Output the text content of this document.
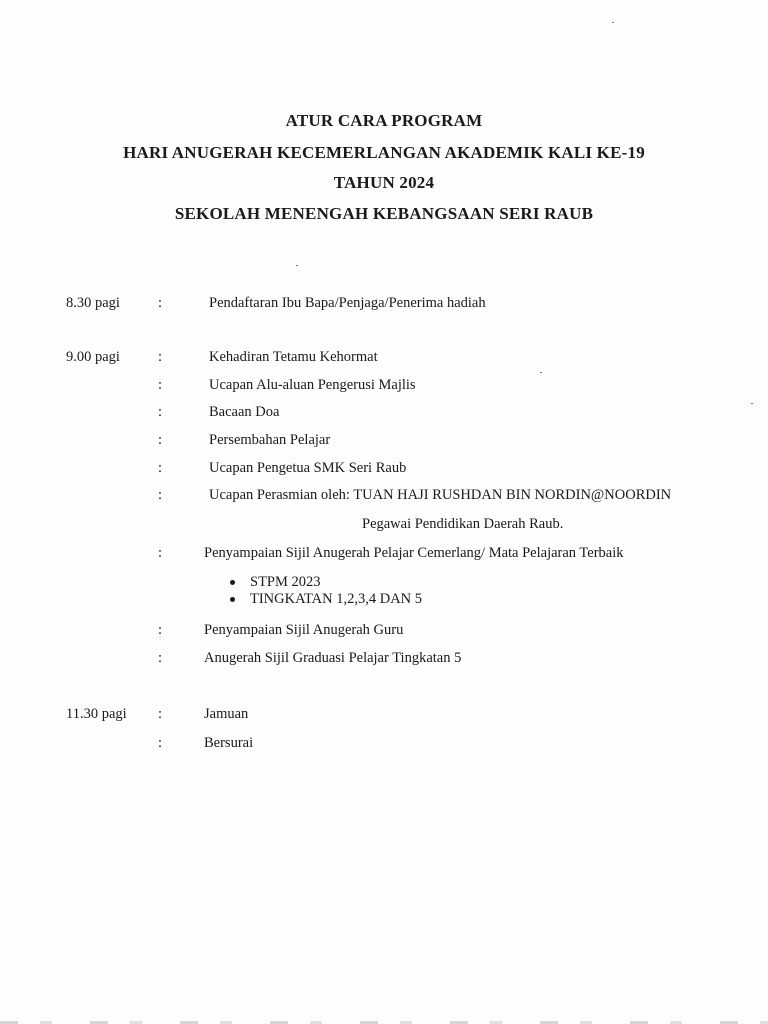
ATUR CARA PROGRAM
HARI ANUGERAH KECEMERLANGAN AKADEMIK KALI KE-19
TAHUN 2024
SEKOLAH MENENGAH KEBANGSAAN SERI RAUB
8.30 pagi	:	Pendaftaran Ibu Bapa/Penjaga/Penerima hadiah
9.00 pagi	:	Kehadiran Tetamu Kehormat
:	Ucapan Alu-aluan Pengerusi Majlis
:	Bacaan Doa
:	Persembahan Pelajar
:	Ucapan Pengetua SMK Seri Raub
:	Ucapan Perasmian oleh: TUAN HAJI RUSHDAN BIN NORDIN@NOORDIN
Pegawai Pendidikan Daerah Raub.
:	Penyampaian Sijil Anugerah Pelajar Cemerlang/ Mata Pelajaran Terbaik
STPM 2023
TINGKATAN 1,2,3,4 DAN 5
:	Penyampaian Sijil Anugerah Guru
:	Anugerah Sijil Graduasi Pelajar Tingkatan 5
11.30 pagi :	Jamuan
:	Bersurai
